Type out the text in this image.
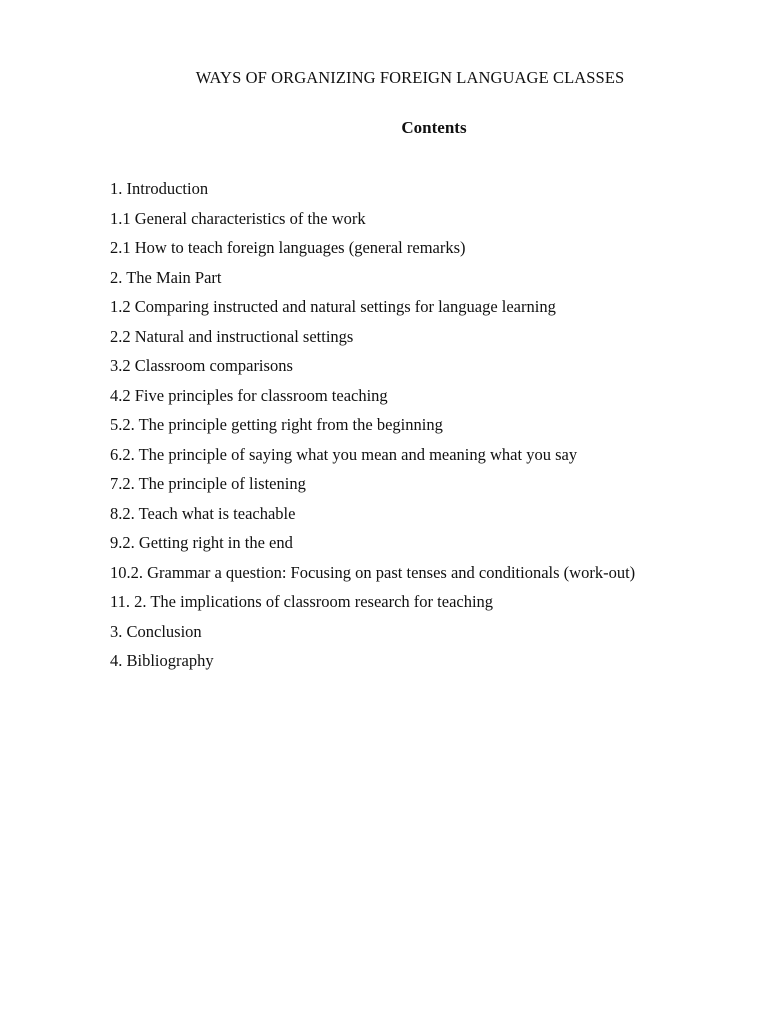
WAYS OF ORGANIZING FOREIGN LANGUAGE CLASSES
Contents
1. Introduction
1.1 General characteristics of the work
2.1 How to teach foreign languages (general remarks)
2. The Main Part
1.2 Comparing instructed and natural settings for language learning
2.2 Natural and instructional settings
3.2 Classroom comparisons
4.2 Five principles for classroom teaching
5.2. The principle getting right from the beginning
6.2. The principle of saying what you mean and meaning what you say
7.2. The principle of listening
8.2. Teach what is teachable
9.2. Getting right in the end
10.2. Grammar a question: Focusing on past tenses and conditionals (work-out)
11. 2. The implications of classroom research for teaching
3. Conclusion
4. Bibliography
